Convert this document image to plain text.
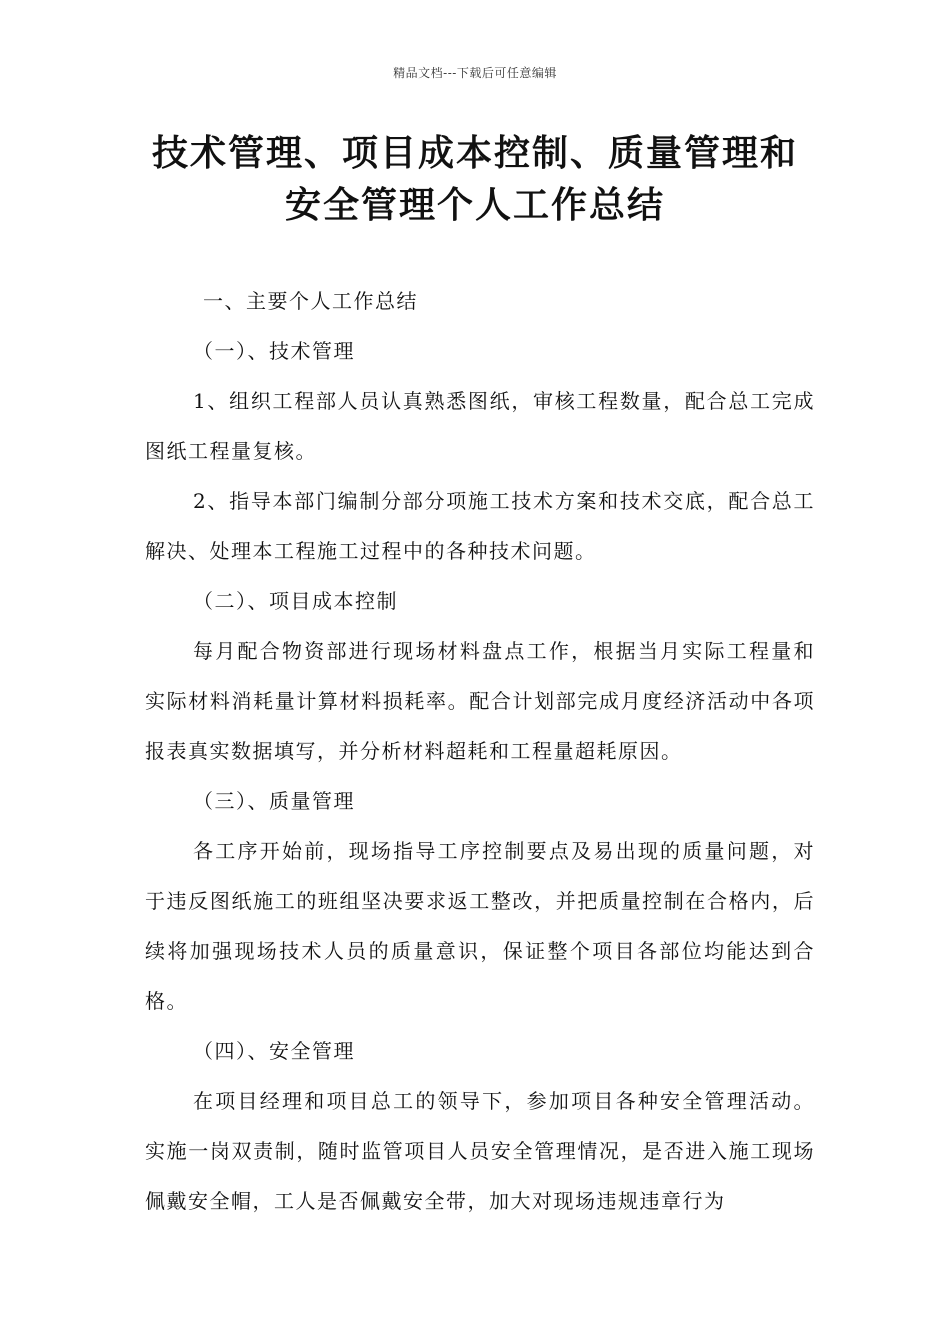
精品文档---下载后可任意编辑
技术管理、项目成本控制、质量管理和
安全管理个人工作总结

一、主要个人工作总结

（一）、技术管理

1、组织工程部人员认真熟悉图纸，审核工程数量，配合总工完成图纸工程量复核。

2、指导本部门编制分部分项施工技术方案和技术交底，配合总工解决、处理本工程施工过程中的各种技术问题。

（二）、项目成本控制

每月配合物资部进行现场材料盘点工作，根据当月实际工程量和实际材料消耗量计算材料损耗率。配合计划部完成月度经济活动中各项报表真实数据填写，并分析材料超耗和工程量超耗原因。

（三）、质量管理

各工序开始前，现场指导工序控制要点及易出现的质量问题，对于违反图纸施工的班组坚决要求返工整改，并把质量控制在合格内，后续将加强现场技术人员的质量意识，保证整个项目各部位均能达到合格。

（四）、安全管理

在项目经理和项目总工的领导下，参加项目各种安全管理活动。实施一岗双责制，随时监管项目人员安全管理情况，是否进入施工现场佩戴安全帽，工人是否佩戴安全带，加大对现场违规违章行为
